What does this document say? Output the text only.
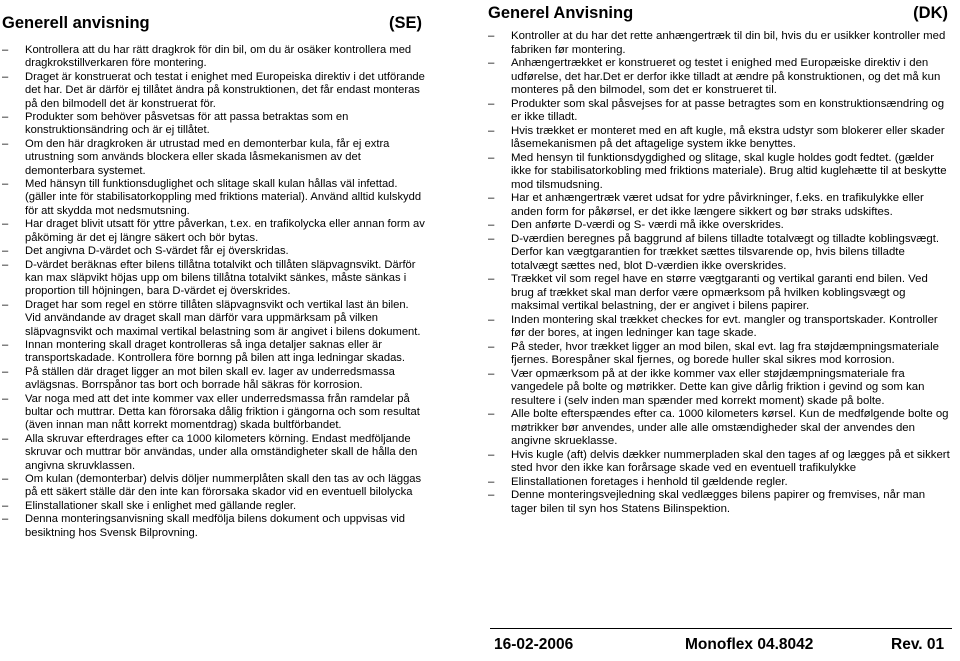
Generell anvisning	(SE)
– Kontrollera att du har rätt dragkrok för din bil, om du är osäker kontrollera med dragkrokstillverkaren före montering.
– Draget är konstruerat och testat i enighet med Europeiska direktiv i det utförande det har. Det är därför ej tillåtet ändra på konstruktionen, det får endast monteras på den bilmodell det är konstruerat för.
– Produkter som behöver påsvetsas för att passa betraktas som en konstruktionsändring och är ej tillåtet.
– Om den här dragkroken är utrustad med en demonterbar kula, får ej extra utrustning som används blockera eller skada låsmekanismen av det demonterbara systemet.
– Med hänsyn till funktionsduglighet och slitage skall kulan hållas väl infettad. (gäller inte för stabilisatorkoppling med friktions material). Använd alltid kulskydd för att skydda mot nedsmutsning.
– Har draget blivit utsatt för yttre påverkan, t.ex. en trafikolycka eller annan form av påköming är det ej längre säkert och bör bytas.
– Det angivna D-värdet och S-värdet får ej överskridas.
– D-värdet beräknas efter bilens tillåtna totalvikt och tillåten släpvagnsvikt. Därför kan max släpvikt höjas upp om bilens tillåtna totalvikt sänkes, måste sänkas i proportion till höjningen, bara D-värdet ej överskrides.
– Draget har som regel en större tillåten släpvagnsvikt och vertikal last än bilen. Vid användande av draget skall man därför vara uppmärksam på vilken släpvagnsvikt och maximal vertikal belastning som är angivet i bilens dokument.
– Innan montering skall draget kontrolleras så inga detaljer saknas eller är transportskadade. Kontrollera före bornng på bilen att inga ledningar skadas.
– På ställen där draget ligger an mot bilen skall ev. lager av underredsmassa avlägsnas. Borrspånor tas bort och borrade hål säkras för korrosion.
– Var noga med att det inte kommer vax eller underredsmassa från ramdelar på bultar och muttrar. Detta kan förorsaka dålig friktion i gängorna och som resultat (även innan man nått korrekt momentdrag) skada bultförbandet.
– Alla skruvar efterdrages efter ca 1000 kilometers körning. Endast medföljande skruvar och muttrar bör användas, under alla omständigheter skall de hålla den angivna skruvklassen.
– Om kulan (demonterbar) delvis döljer nummerplåten skall den tas av och läggas på ett säkert ställe där den inte kan förorsaka skador vid en eventuell bilolycka
– Elinstallationer skall ske i enlighet med gällande regler.
– Denna monteringsanvisning skall medfölja bilens dokument och uppvisas vid besiktning hos Svensk Bilprovning.
Generel Anvisning	(DK)
– Kontroller at du har det rette anhængertræk til din bil, hvis du er usikker kontroller med fabriken før montering.
– Anhængertrækket er konstrueret og testet i enighed med Europæiske direktiv i den udførelse, det har.Det er derfor ikke tilladt at ændre på konstruktionen, og det må kun monteres på den bilmodel, som det er konstrueret til.
– Produkter som skal påsvejses for at passe betragtes som en konstruktionsændring og er ikke tilladt.
– Hvis trækket er monteret med en aft kugle, må ekstra udstyr som blokerer eller skader låsemekanismen på det aftagelige system ikke benyttes.
– Med hensyn til funktionsdygdighed og slitage, skal kugle holdes godt fedtet. (gælder ikke for stabilisatorkobling med friktions materiale). Brug altid kuglehætte til at beskytte mod tilsmudsning.
– Har et anhængertræk været udsat for ydre påvirkninger, f.eks. en trafikulykke eller anden form for påkørsel, er det ikke længere sikkert og bør straks udskiftes.
– Den anførte D-værdi og S- værdi må ikke overskrides.
– D-værdien beregnes på baggrund af bilens tilladte totalvægt og tilladte koblingsvægt. Derfor kan vægtgarantien for trækket sættes tilsvarende op, hvis bilens tilladte totalvægt sættes ned, blot D-værdien ikke overskrides.
– Trækket vil som regel have en større vægtgaranti og vertikal garanti end bilen. Ved brug af trækket skal man derfor være opmærksom på hvilken koblingsvægt og maksimal vertikal belastning, der er angivet i bilens papirer.
– Inden montering skal trækket checkes for evt. mangler og transportskader. Kontroller før der bores, at ingen ledninger kan tage skade.
– På steder, hvor trækket ligger an mod bilen, skal evt. lag fra støjdæmpningsmateriale fjernes. Borespåner skal fjernes, og borede huller skal sikres mod korrosion.
– Vær opmærksom på at der ikke kommer vax eller støjdæmpningsmateriale fra vangedele på bolte og møtrikker. Dette kan give dårlig friktion i gevind og som kan resultere i (selv inden man spænder med korrekt moment) skade på bolte.
– Alle bolte efterspændes efter ca. 1000 kilometers kørsel. Kun de medfølgende bolte og møtrikker bør anvendes, under alle alle omstændigheder skal der anvendes den angivne skrueklasse.
– Hvis kugle (aft) delvis dækker nummerpladen skal den tages af og lægges på et sikkert sted hvor den ikke kan forårsage skade ved en eventuell trafikulykke
– Elinstallationen foretages i henhold til gældende regler.
– Denne monteringsvejledning skal vedlægges bilens papirer og fremvises, når man tager bilen til syn hos Statens Bilinspektion.
16-02-2006	Monoflex 04.8042	Rev. 01
